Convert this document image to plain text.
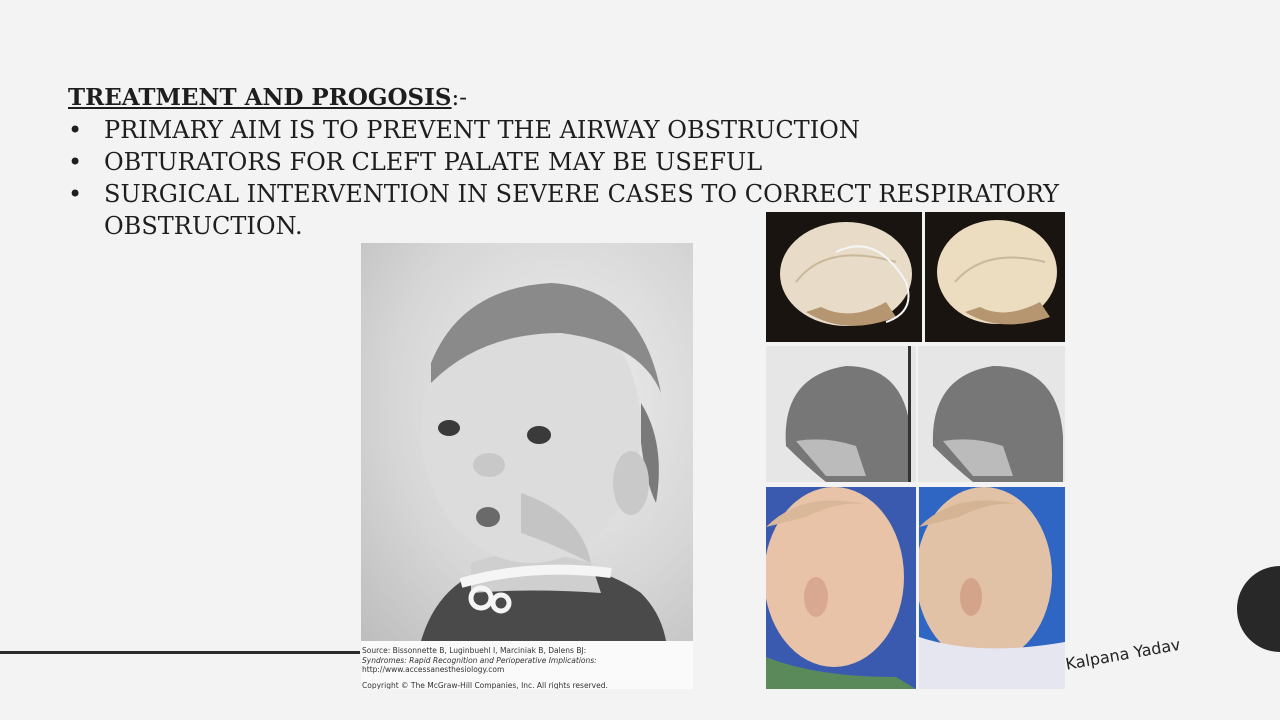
TREATMENT AND PROGOSIS:-
• PRIMARY AIM IS TO PREVENT THE AIRWAY OBSTRUCTION
• OBTURATORS FOR CLEFT PALATE MAY BE USEFUL
• SURGICAL INTERVENTION IN SEVERE CASES TO CORRECT RESPIRATORY OBSTRUCTION.
Source: Bissonnette B, Luginbuehl I, Marciniak B, Dalens BJ:
Syndromes: Rapid Recognition and Perioperative Implications:
http://www.accessanesthesiology.com
Copyright © The McGraw-Hill Companies, Inc. All rights reserved.
Kalpana Yadav
